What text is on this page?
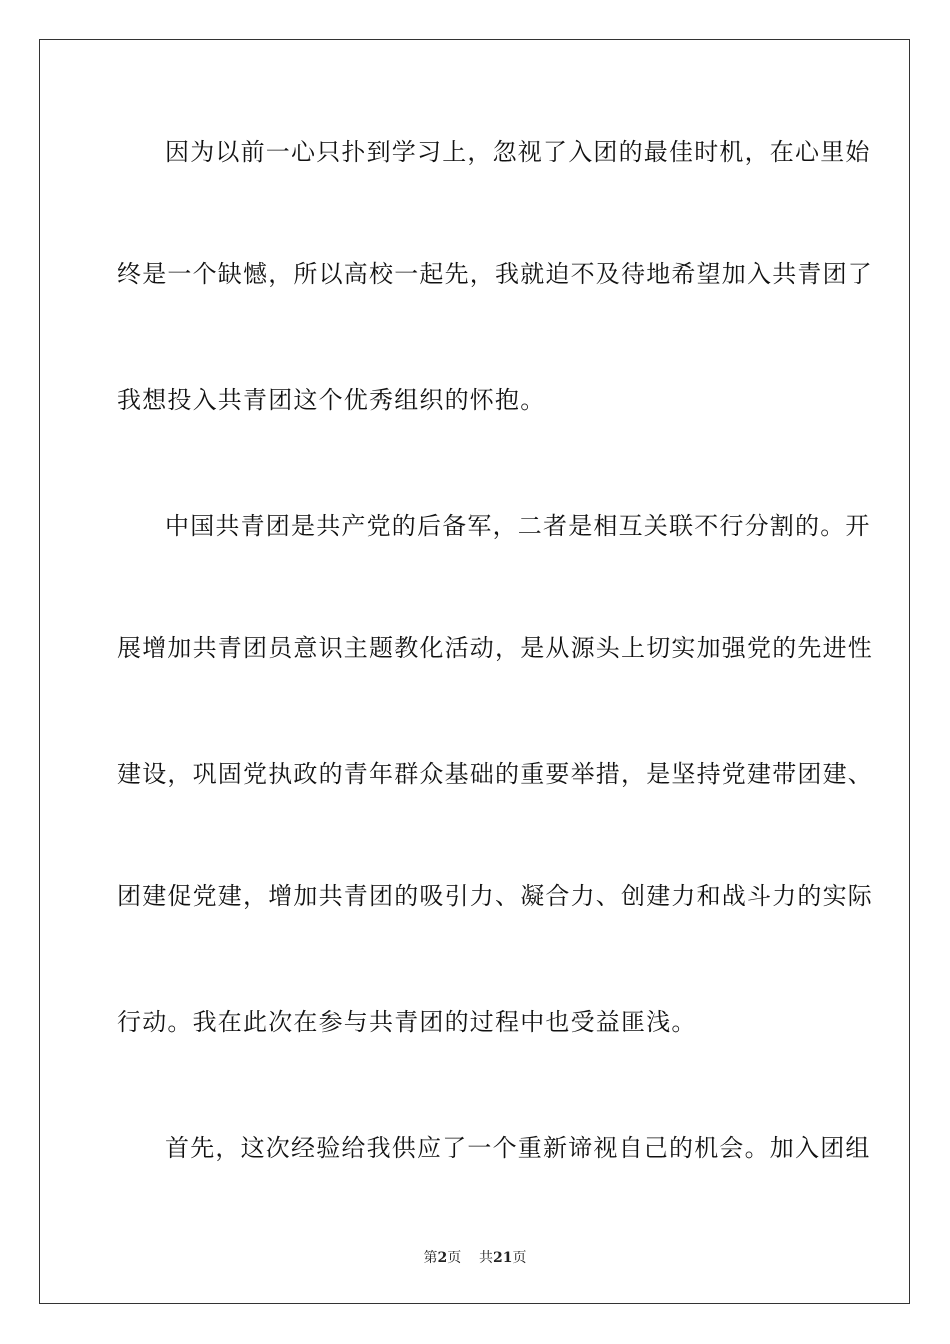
因为以前一心只扑到学习上，忽视了入团的最佳时机，在心里始
终是一个缺憾，所以高校一起先，我就迫不及待地希望加入共青团了
我想投入共青团这个优秀组织的怀抱。
中国共青团是共产党的后备军，二者是相互关联不行分割的。开
展增加共青团员意识主题教化活动，是从源头上切实加强党的先进性
建设，巩固党执政的青年群众基础的重要举措，是坚持党建带团建、
团建促党建，增加共青团的吸引力、凝合力、创建力和战斗力的实际
行动。我在此次在参与共青团的过程中也受益匪浅。
首先，这次经验给我供应了一个重新谛视自己的机会。加入团组
第2页 共21页
